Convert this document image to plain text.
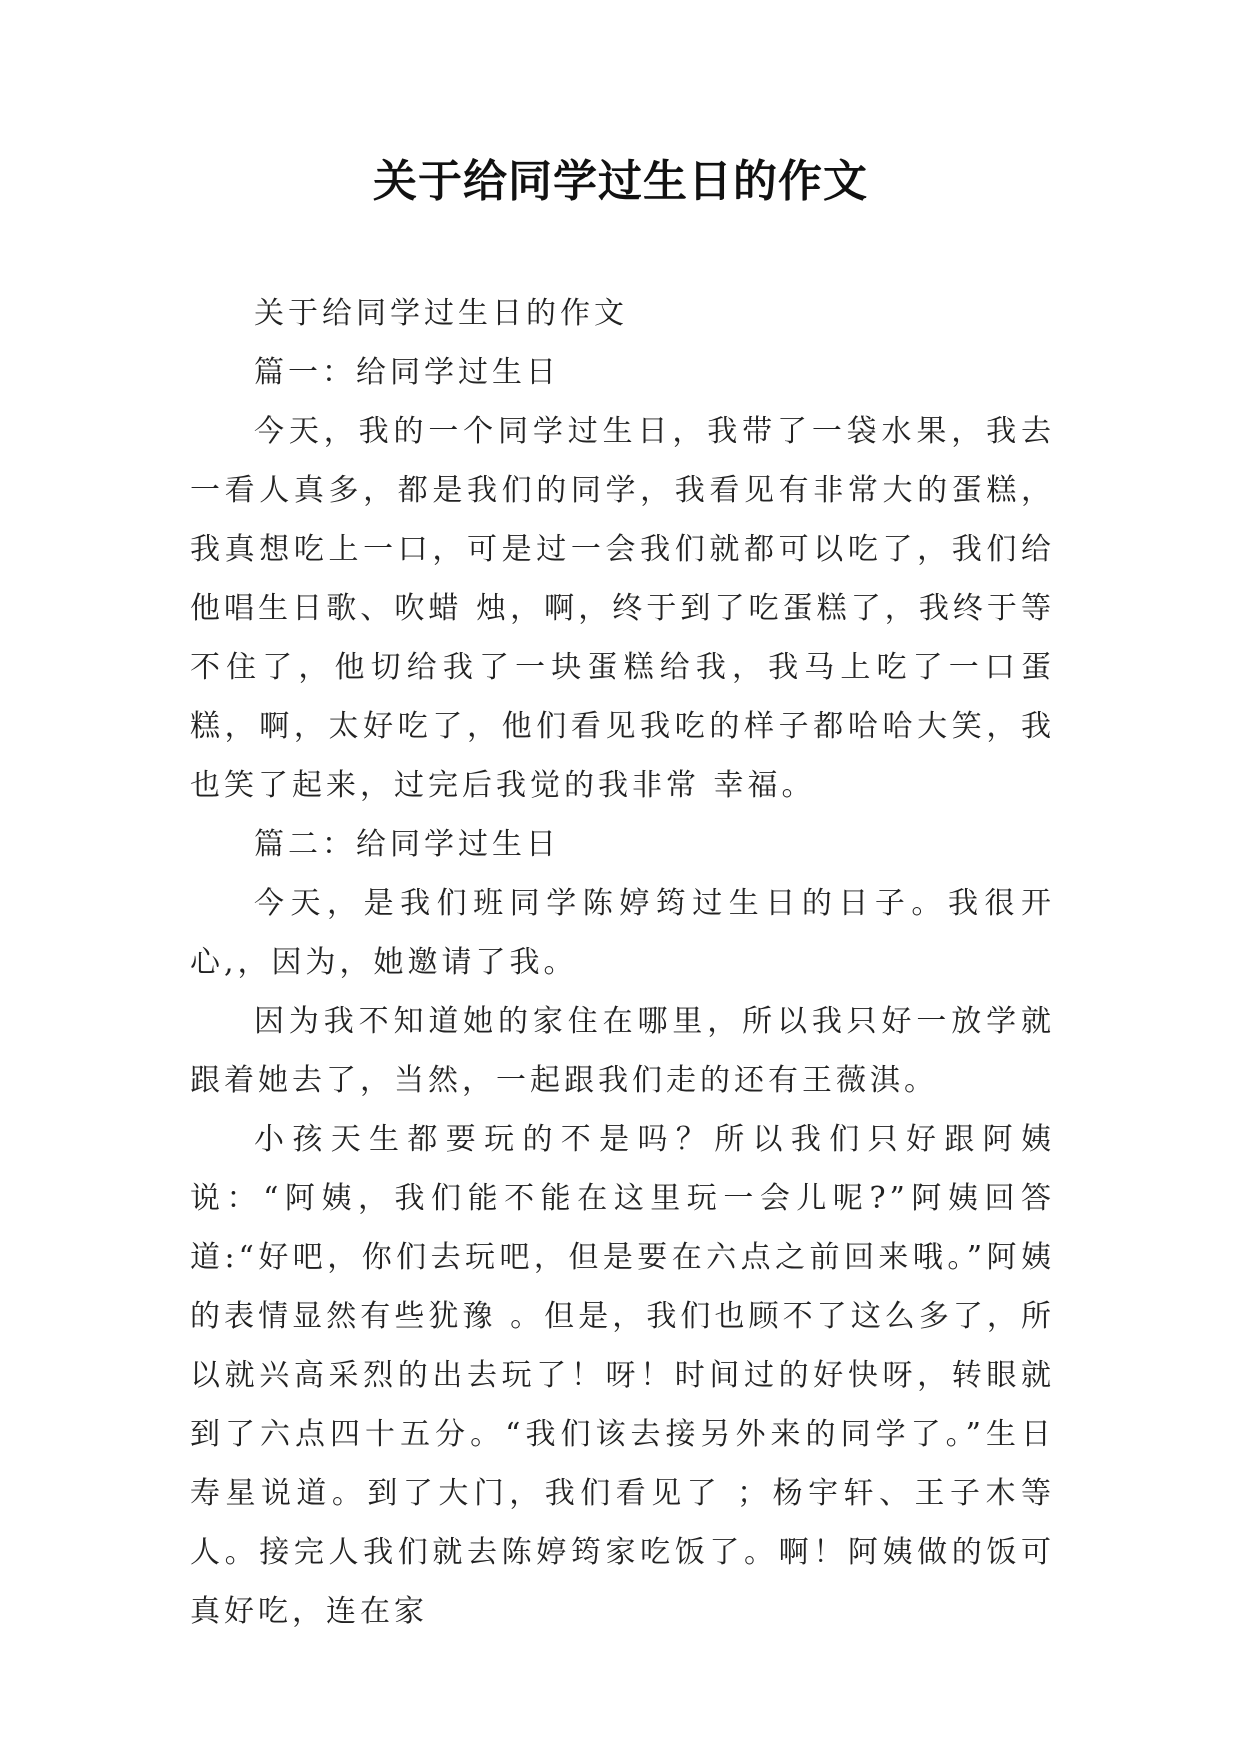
关于给同学过生日的作文

关于给同学过生日的作文

篇一：给同学过生日

今天，我的一个同学过生日，我带了一袋水果，我去一看人真多，都是我们的同学，我看见有非常大的蛋糕，我真想吃上一口，可是过一会我们就都可以吃了，我们给他唱生日歌、吹蜡 烛，啊，终于到了吃蛋糕了，我终于等不住了，他切给我了一块蛋糕给我，我马上吃了一口蛋糕，啊，太好吃了，他们看见我吃的样子都哈哈大笑，我也笑了起来，过完后我觉的我非常 幸福。

篇二：给同学过生日

今天，是我们班同学陈婷筠过生日的日子。我很开心,，因为，她邀请了我。

因为我不知道她的家住在哪里，所以我只好一放学就跟着她去了，当然，一起跟我们走的还有王薇淇。

小孩天生都要玩的不是吗？所以我们只好跟阿姨说：“阿姨，我们能不能在这里玩一会儿呢?”阿姨回答道:“好吧，你们去玩吧，但是要在六点之前回来哦。”阿姨的表情显然有些犹豫 。但是，我们也顾不了这么多了，所以就兴高采烈的出去玩了！呀！时间过的好快呀，转眼就到了六点四十五分。“我们该去接另外来的同学了。”生日寿星说道。到了大门，我们看见了 ；杨宇轩、王子木等人。接完人我们就去陈婷筠家吃饭了。啊！阿姨做的饭可真好吃，连在家
